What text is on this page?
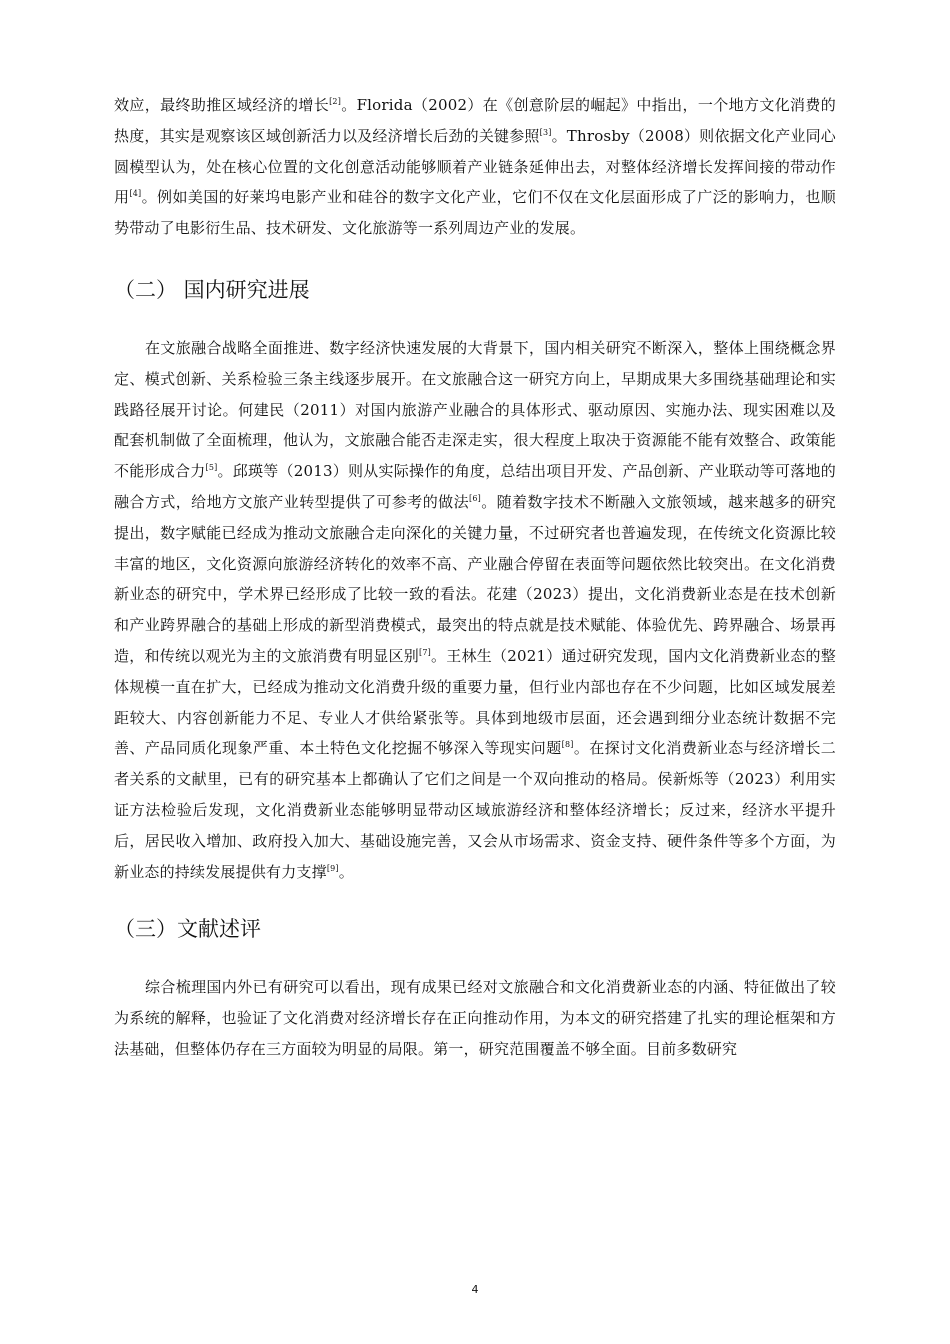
效应，最终助推区域经济的增长[2]。Florida（2002）在《创意阶层的崛起》中指出，一个地方文化消费的热度，其实是观察该区域创新活力以及经济增长后劲的关键参照[3]。Throsby（2008）则依据文化产业同心圆模型认为，处在核心位置的文化创意活动能够顺着产业链条延伸出去，对整体经济增长发挥间接的带动作用[4]。例如美国的好莱坞电影产业和硅谷的数字文化产业，它们不仅在文化层面形成了广泛的影响力，也顺势带动了电影衍生品、技术研发、文化旅游等一系列周边产业的发展。

（二） 国内研究进展

在文旅融合战略全面推进、数字经济快速发展的大背景下，国内相关研究不断深入，整体上围绕概念界定、模式创新、关系检验三条主线逐步展开。在文旅融合这一研究方向上，早期成果大多围绕基础理论和实践路径展开讨论。何建民（2011）对国内旅游产业融合的具体形式、驱动原因、实施办法、现实困难以及配套机制做了全面梳理，他认为，文旅融合能否走深走实，很大程度上取决于资源能不能有效整合、政策能不能形成合力[5]。邱瑛等（2013）则从实际操作的角度，总结出项目开发、产品创新、产业联动等可落地的融合方式，给地方文旅产业转型提供了可参考的做法[6]。随着数字技术不断融入文旅领域，越来越多的研究提出，数字赋能已经成为推动文旅融合走向深化的关键力量，不过研究者也普遍发现，在传统文化资源比较丰富的地区，文化资源向旅游经济转化的效率不高、产业融合停留在表面等问题依然比较突出。在文化消费新业态的研究中，学术界已经形成了比较一致的看法。花建（2023）提出，文化消费新业态是在技术创新和产业跨界融合的基础上形成的新型消费模式，最突出的特点就是技术赋能、体验优先、跨界融合、场景再造，和传统以观光为主的文旅消费有明显区别[7]。王林生（2021）通过研究发现，国内文化消费新业态的整体规模一直在扩大，已经成为推动文化消费升级的重要力量，但行业内部也存在不少问题，比如区域发展差距较大、内容创新能力不足、专业人才供给紧张等。具体到地级市层面，还会遇到细分业态统计数据不完善、产品同质化现象严重、本土特色文化挖掘不够深入等现实问题[8]。在探讨文化消费新业态与经济增长二者关系的文献里，已有的研究基本上都确认了它们之间是一个双向推动的格局。侯新烁等（2023）利用实证方法检验后发现，文化消费新业态能够明显带动区域旅游经济和整体经济增长；反过来，经济水平提升后，居民收入增加、政府投入加大、基础设施完善，又会从市场需求、资金支持、硬件条件等多个方面，为新业态的持续发展提供有力支撑[9]。

（三）文献述评

综合梳理国内外已有研究可以看出，现有成果已经对文旅融合和文化消费新业态的内涵、特征做出了较为系统的解释，也验证了文化消费对经济增长存在正向推动作用，为本文的研究搭建了扎实的理论框架和方法基础，但整体仍存在三方面较为明显的局限。第一，研究范围覆盖不够全面。目前多数研究

4
